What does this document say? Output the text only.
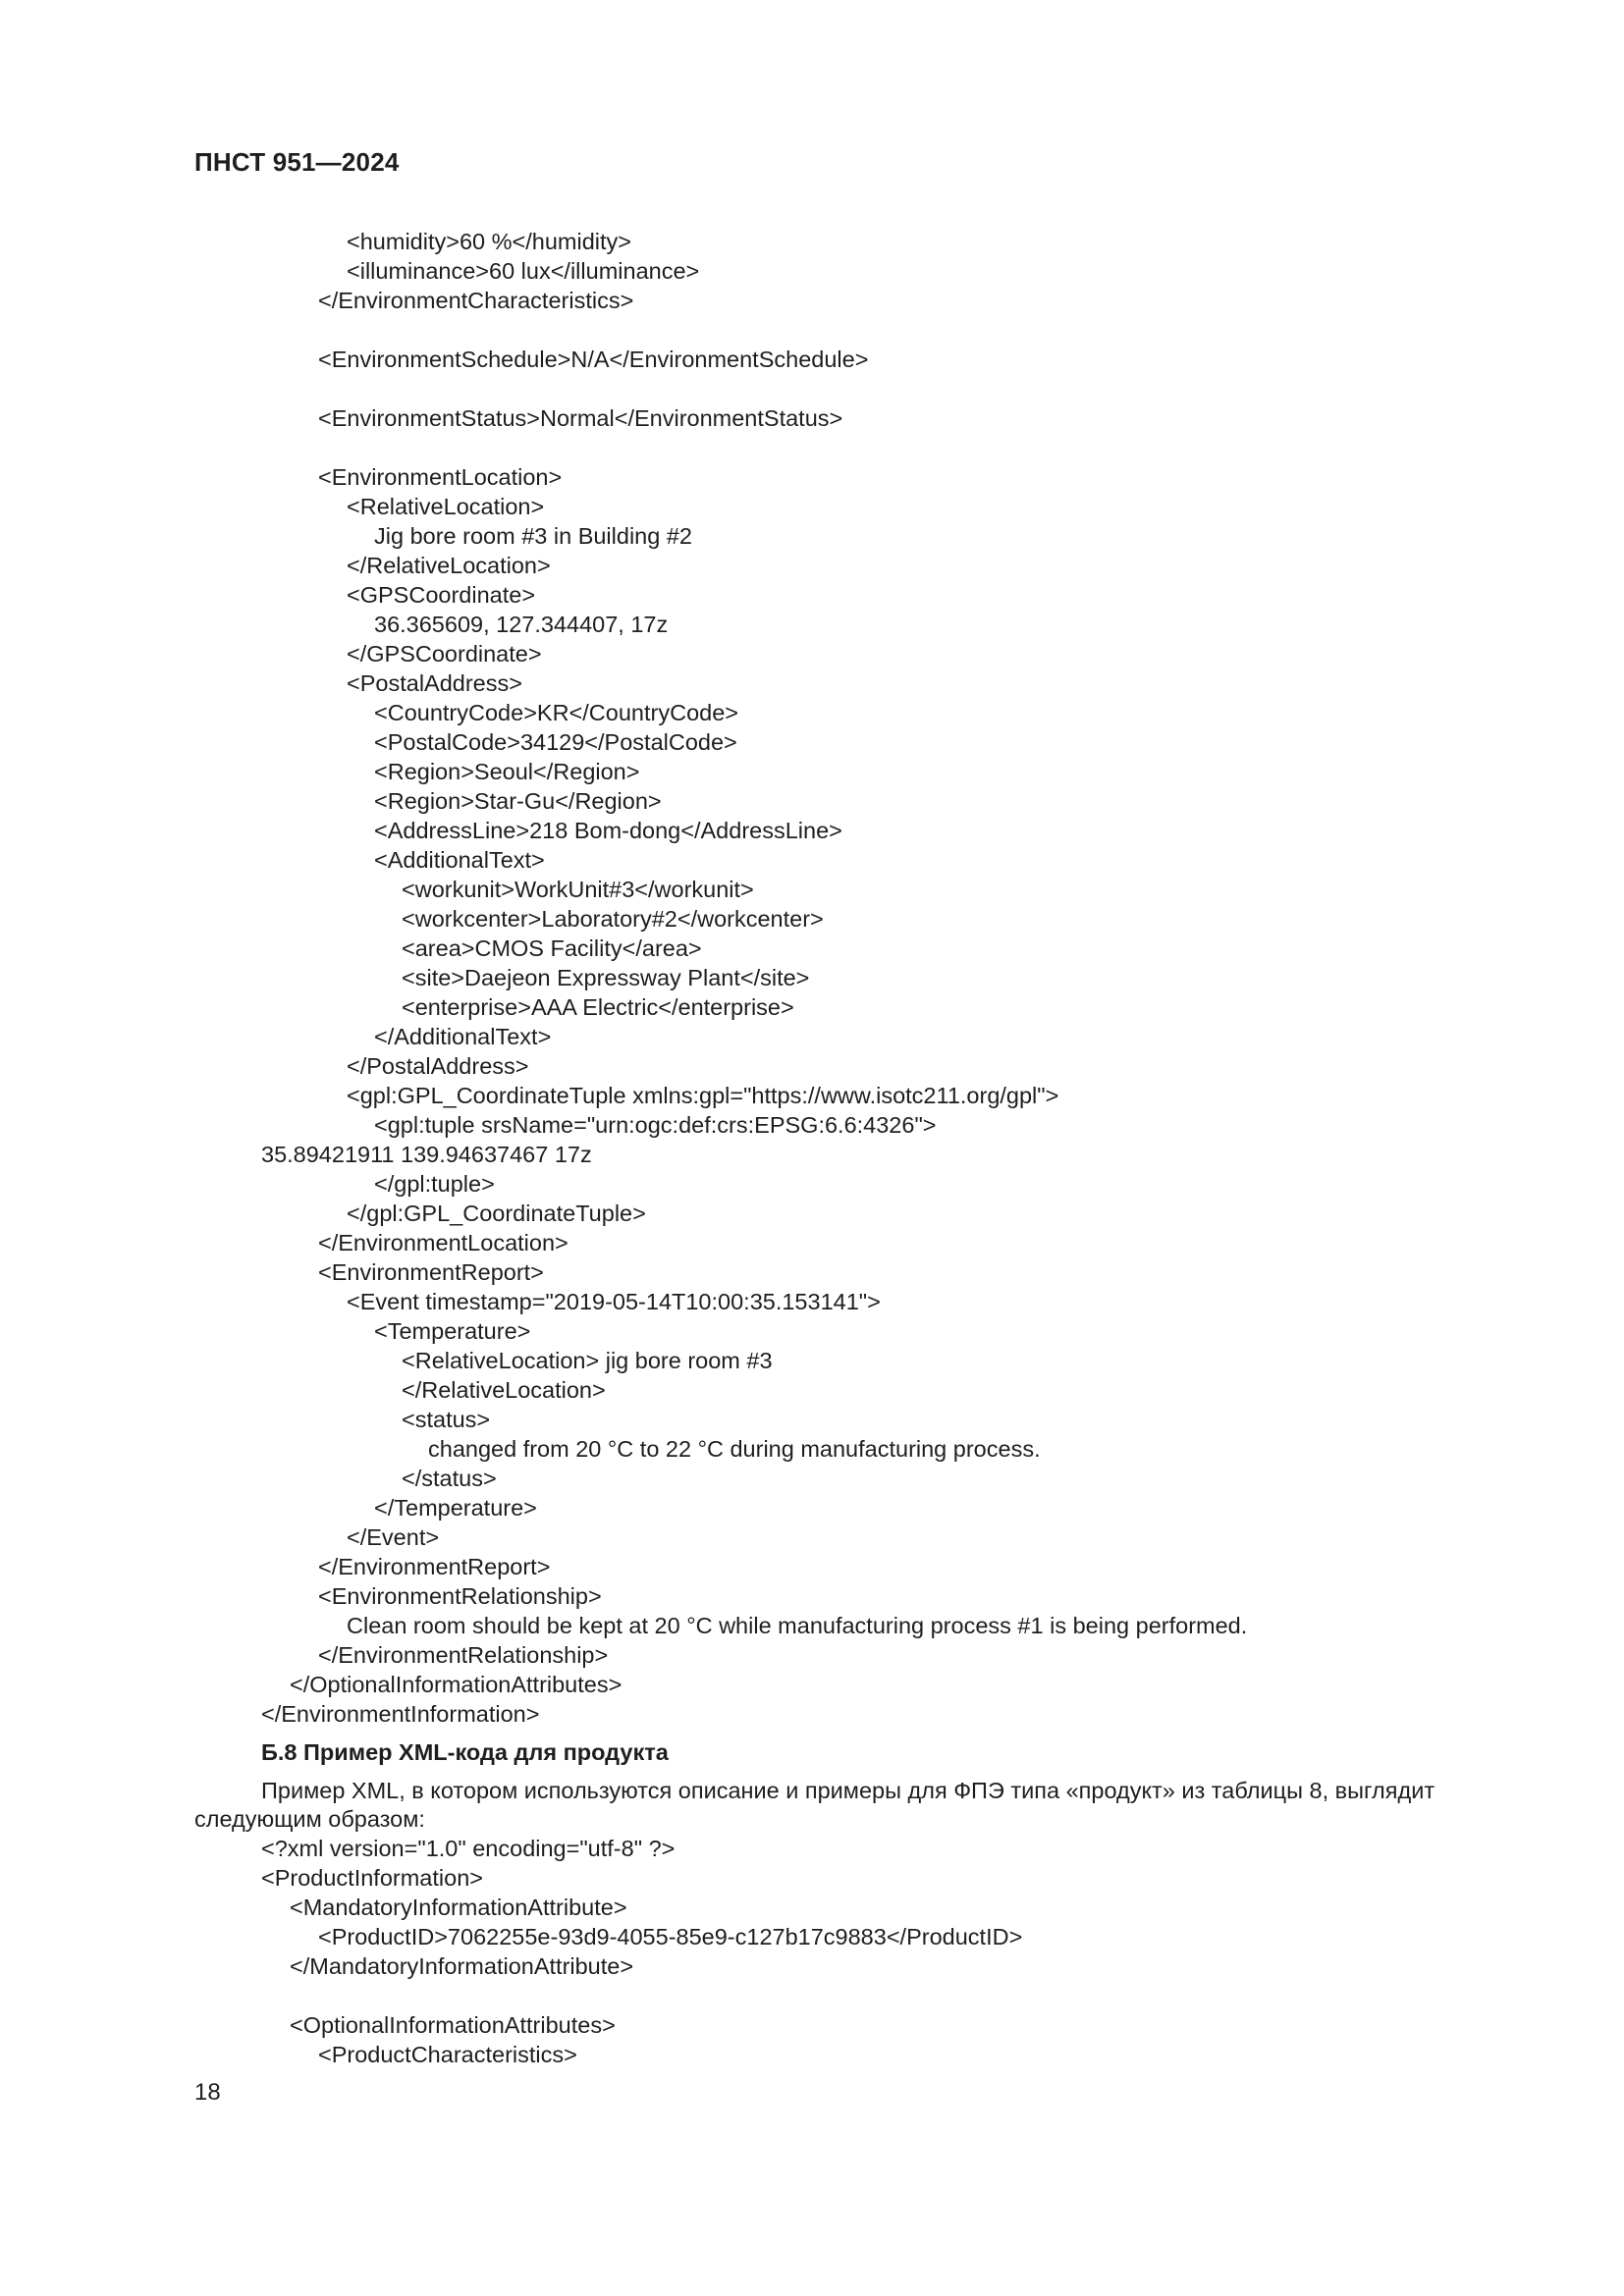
ПНСТ 951—2024
<humidity>60 %</humidity>
<illuminance>60 lux</illuminance>
</EnvironmentCharacteristics>
<EnvironmentSchedule>N/A</EnvironmentSchedule>
<EnvironmentStatus>Normal</EnvironmentStatus>
<EnvironmentLocation>
<RelativeLocation>
Jig bore room #3 in Building #2
</RelativeLocation>
<GPSCoordinate>
36.365609, 127.344407, 17z
</GPSCoordinate>
<PostalAddress>
<CountryCode>KR</CountryCode>
<PostalCode>34129</PostalCode>
<Region>Seoul</Region>
<Region>Star-Gu</Region>
<AddressLine>218 Bom-dong</AddressLine>
<AdditionalText>
<workunit>WorkUnit#3</workunit>
<workcenter>Laboratory#2</workcenter>
<area>CMOS Facility</area>
<site>Daejeon Expressway Plant</site>
<enterprise>AAA Electric</enterprise>
</AdditionalText>
</PostalAddress>
<gpl:GPL_CoordinateTuple xmlns:gpl="https://www.isotc211.org/gpl">
<gpl:tuple srsName="urn:ogc:def:crs:EPSG:6.6:4326">
35.89421911 139.94637467 17z
</gpl:tuple>
</gpl:GPL_CoordinateTuple>
</EnvironmentLocation>
<EnvironmentReport>
<Event timestamp="2019-05-14T10:00:35.153141">
<Temperature>
<RelativeLocation> jig bore room #3
</RelativeLocation>
<status>
changed from 20 °C to 22 °C during manufacturing process.
</status>
</Temperature>
</Event>
</EnvironmentReport>
<EnvironmentRelationship>
Clean room should be kept at 20 °C while manufacturing process #1 is being performed.
</EnvironmentRelationship>
</OptionalInformationAttributes>
</EnvironmentInformation>
Б.8 Пример XML-кода для продукта
Пример XML, в котором используются описание и примеры для ФПЭ типа «продукт» из таблицы 8, выглядит
следующим образом:
<?xml version="1.0" encoding="utf-8" ?>
<ProductInformation>
<MandatoryInformationAttribute>
<ProductID>7062255e-93d9-4055-85e9-c127b17c9883</ProductID>
</MandatoryInformationAttribute>
<OptionalInformationAttributes>
<ProductCharacteristics>
18
